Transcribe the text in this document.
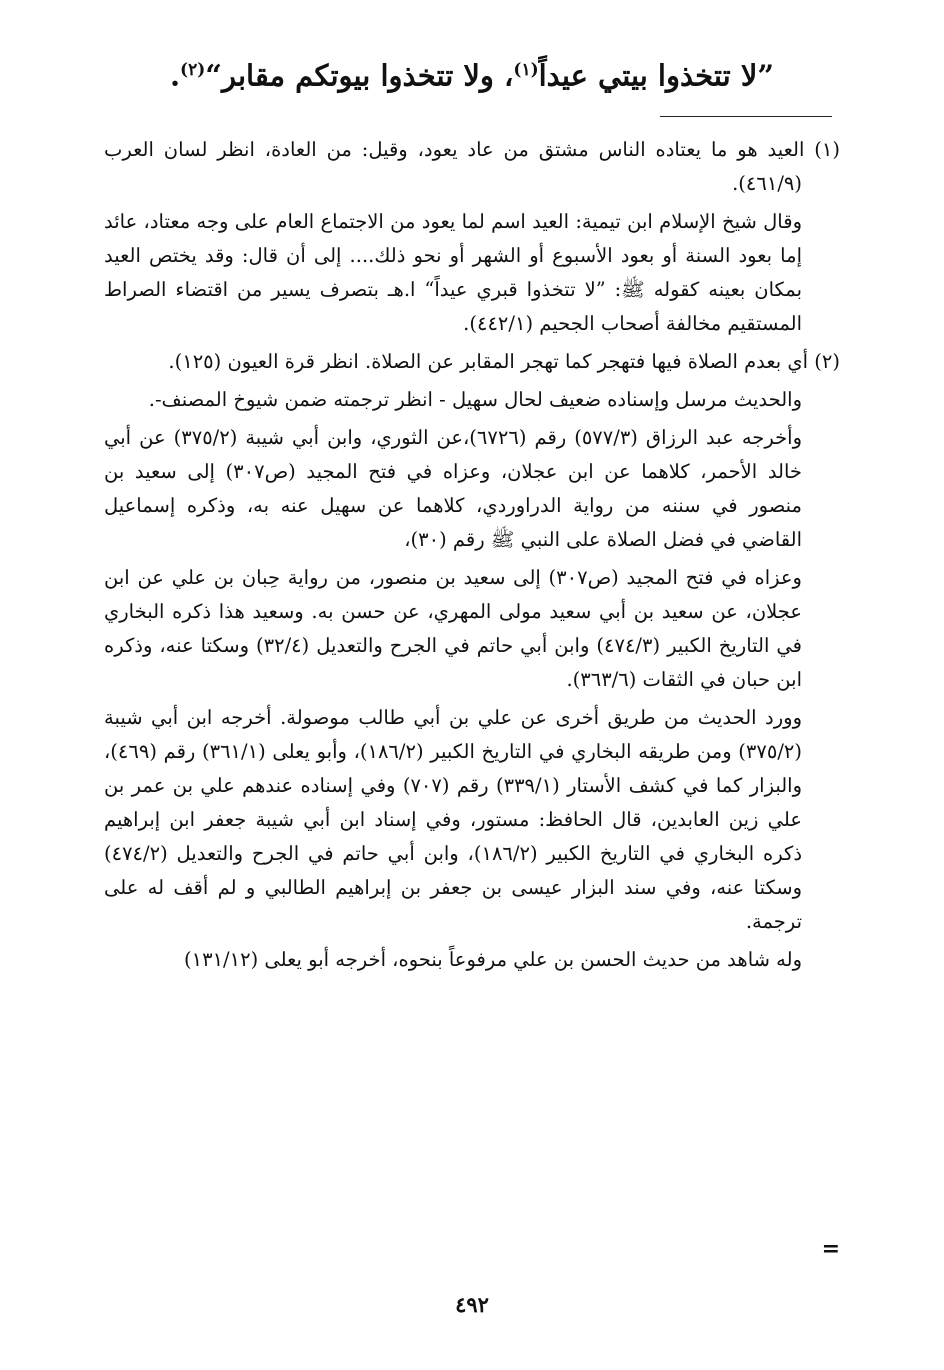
”لا تتخذوا بيتي عيداً$^{(١)}$، ولا تتخذوا بيوتكم مقابر“$^{(٢)}$.

(١) العيد هو ما يعتاده الناس مشتق من عاد يعود، وقيل: من العادة، انظر لسان العرب (٤٦١/٩).

وقال شيخ الإسلام ابن تيمية: العيد اسم لما يعود من الاجتماع العام على وجه معتاد، عائد إما بعود السنة أو بعود الأسبوع أو الشهر أو نحو ذلك.... إلى أن قال: وقد يختص العيد بمكان بعينه كقوله ﷺ: ”لا تتخذوا قبري عيداً“ ا.هـ بتصرف يسير من اقتضاء الصراط المستقيم مخالفة أصحاب الجحيم (٤٤٢/١).

(٢) أي بعدم الصلاة فيها فتهجر كما تهجر المقابر عن الصلاة. انظر قرة العيون (١٢٥).

والحديث مرسل وإسناده ضعيف لحال سهيل - انظر ترجمته ضمن شيوخ المصنف-.

وأخرجه عبد الرزاق (٥٧٧/٣) رقم (٦٧٢٦)،عن الثوري، وابن أبي شيبة (٣٧٥/٢) عن أبي خالد الأحمر، كلاهما عن ابن عجلان، وعزاه في فتح المجيد (ص٣٠٧) إلى سعيد بن منصور في سننه من رواية الدراوردي، كلاهما عن سهيل عنه به، وذكره إسماعيل القاضي في فضل الصلاة على النبي ﷺ رقم (٣٠)،

وعزاه في فتح المجيد (ص٣٠٧) إلى سعيد بن منصور، من رواية حِبان بن علي عن ابن عجلان، عن سعيد بن أبي سعيد مولى المهري، عن حسن به. وسعيد هذا ذكره البخاري في التاريخ الكبير (٤٧٤/٣) وابن أبي حاتم في الجرح والتعديل (٣٢/٤) وسكتا عنه، وذكره ابن حبان في الثقات (٣٦٣/٦).

وورد الحديث من طريق أخرى عن علي بن أبي طالب موصولة. أخرجه ابن أبي شيبة (٣٧٥/٢) ومن طريقه البخاري في التاريخ الكبير (١٨٦/٢)، وأبو يعلى (٣٦١/١) رقم (٤٦٩)، والبزار كما في كشف الأستار (٣٣٩/١) رقم (٧٠٧) وفي إسناده عندهم علي بن عمر بن علي زين العابدين، قال الحافظ: مستور، وفي إسناد ابن أبي شيبة جعفر ابن إبراهيم ذكره البخاري في التاريخ الكبير (١٨٦/٢)، وابن أبي حاتم في الجرح والتعديل (٤٧٤/٢) وسكتا عنه، وفي سند البزار عيسى بن جعفر بن إبراهيم الطالبي و لم أقف له على ترجمة.

وله شاهد من حديث الحسن بن علي مرفوعاً بنحوه، أخرجه أبو يعلى (١٣١/١٢)

=
٤٩٢
